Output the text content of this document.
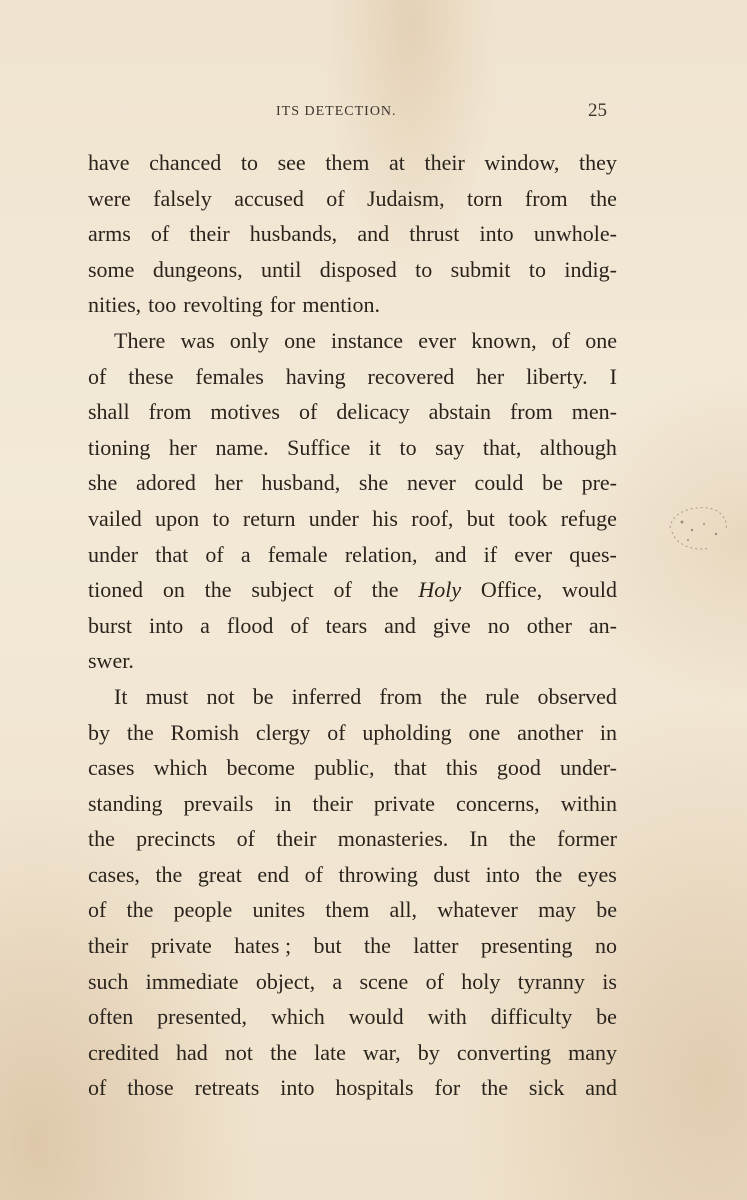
ITS DETECTION.	25
have chanced to see them at their window, they
were falsely accused of Judaism, torn from the
arms of their husbands, and thrust into unwhole-
some dungeons, until disposed to submit to indig-
nities, too revolting for mention.
There was only one instance ever known, of one
of these females having recovered her liberty. I
shall from motives of delicacy abstain from men-
tioning her name. Suffice it to say that, although
she adored her husband, she never could be pre-
vailed upon to return under his roof, but took refuge
under that of a female relation, and if ever ques-
tioned on the subject of the Holy Office, would
burst into a flood of tears and give no other an-
swer.
It must not be inferred from the rule observed
by the Romish clergy of upholding one another in
cases which become public, that this good under-
standing prevails in their private concerns, within
the precincts of their monasteries. In the former
cases, the great end of throwing dust into the eyes
of the people unites them all, whatever may be
their private hates ; but the latter presenting no
such immediate object, a scene of holy tyranny is
often presented, which would with difficulty be
credited had not the late war, by converting many
of those retreats into hospitals for the sick and
